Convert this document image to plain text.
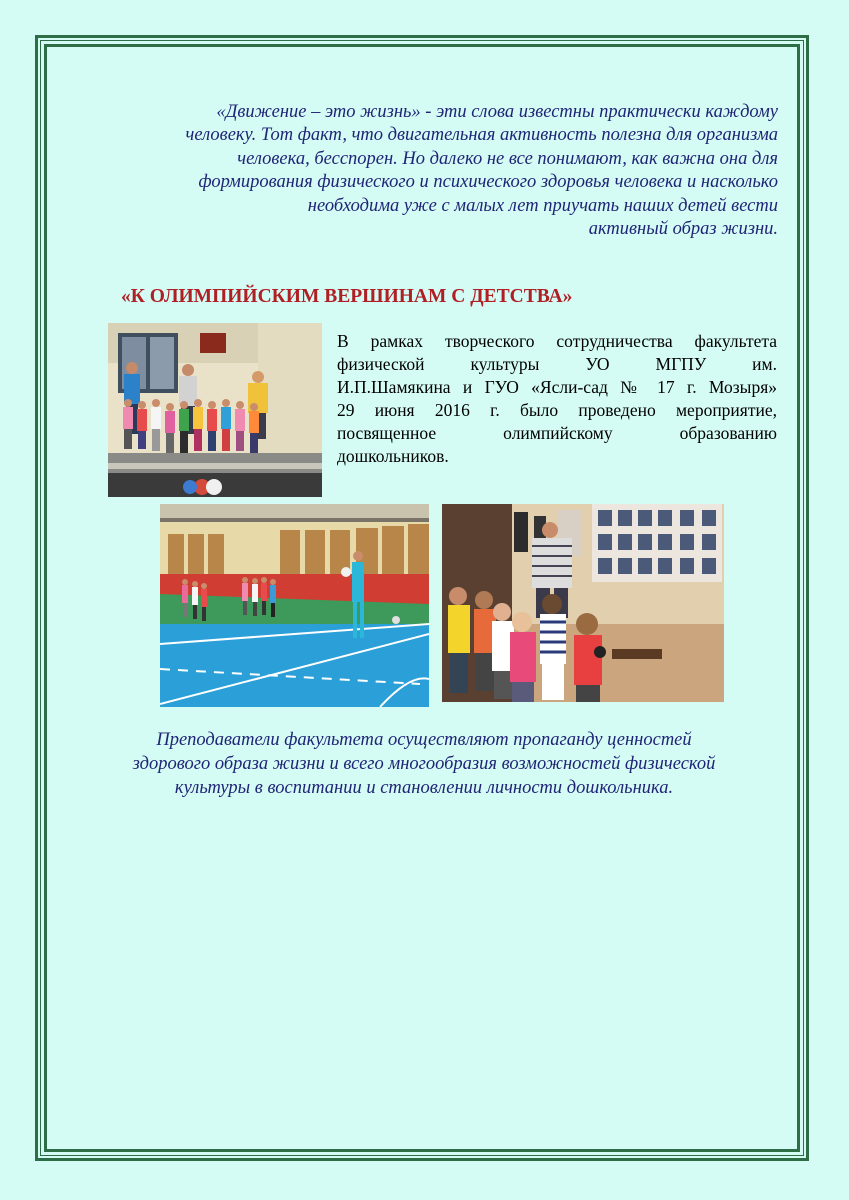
«Движение – это жизнь» - эти слова известны практически каждому
человеку. Тот факт, что двигательная активность полезна для организма
человека, бесспорен. Но далеко не все понимают, как важна она для
формирования физического и психического здоровья человека и насколько
необходима уже с малых лет приучать наших детей вести
активный образ жизни.
«К ОЛИМПИЙСКИМ ВЕРШИНАМ С ДЕТСТВА»
В рамках творческого сотрудничества факультета
физической культуры УО МГПУ им.
И.П.Шамякина и ГУО «Ясли-сад № 17 г. Мозыря»
29 июня 2016 г. было проведено мероприятие,
посвященное олимпийскому образованию
дошкольников.
Преподаватели факультета осуществляют пропаганду ценностей
здорового образа жизни и всего многообразия возможностей физической
культуры в воспитании и становлении личности дошкольника.
